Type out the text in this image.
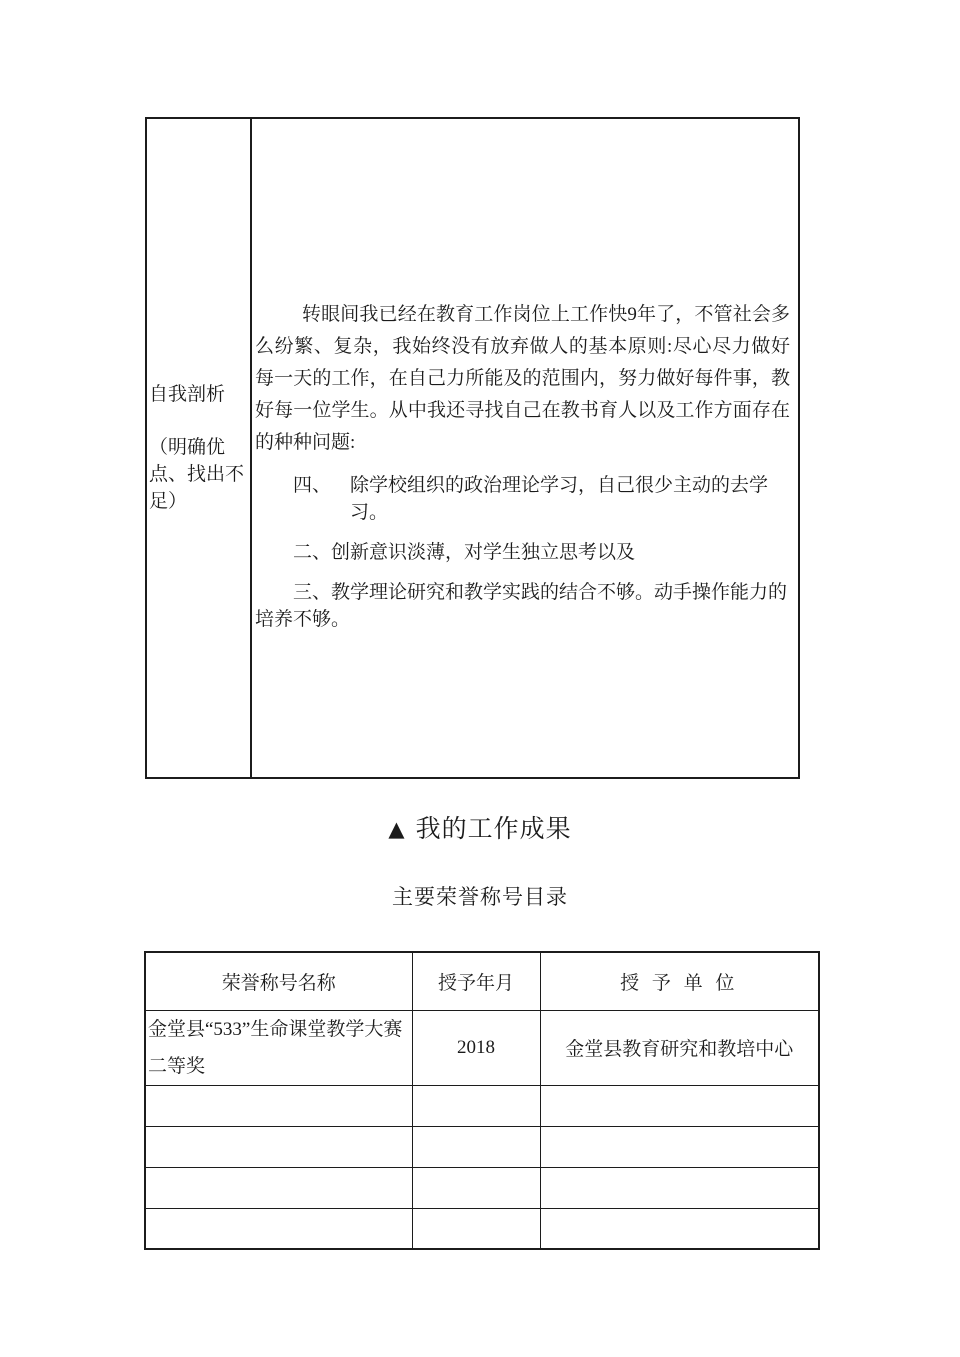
自我剖析
（明确优点、找出不足）

转眼间我已经在教育工作岗位上工作快9年了，不管社会多么纷繁、复杂，我始终没有放弃做人的基本原则:尽心尽力做好每一天的工作，在自己力所能及的范围内，努力做好每件事，教好每一位学生。从中我还寻找自己在教书育人以及工作方面存在的种种问题:

四、 除学校组织的政治理论学习，自己很少主动的去学习。

二、创新意识淡薄，对学生独立思考以及

三、教学理论研究和教学实践的结合不够。动手操作能力的培养不够。

▲ 我的工作成果
主要荣誉称号目录
荣誉称号名称	授予年月	授 予 单 位
金堂县“533”生命课堂教学大赛二等奖	2018	金堂县教育研究和教培中心
